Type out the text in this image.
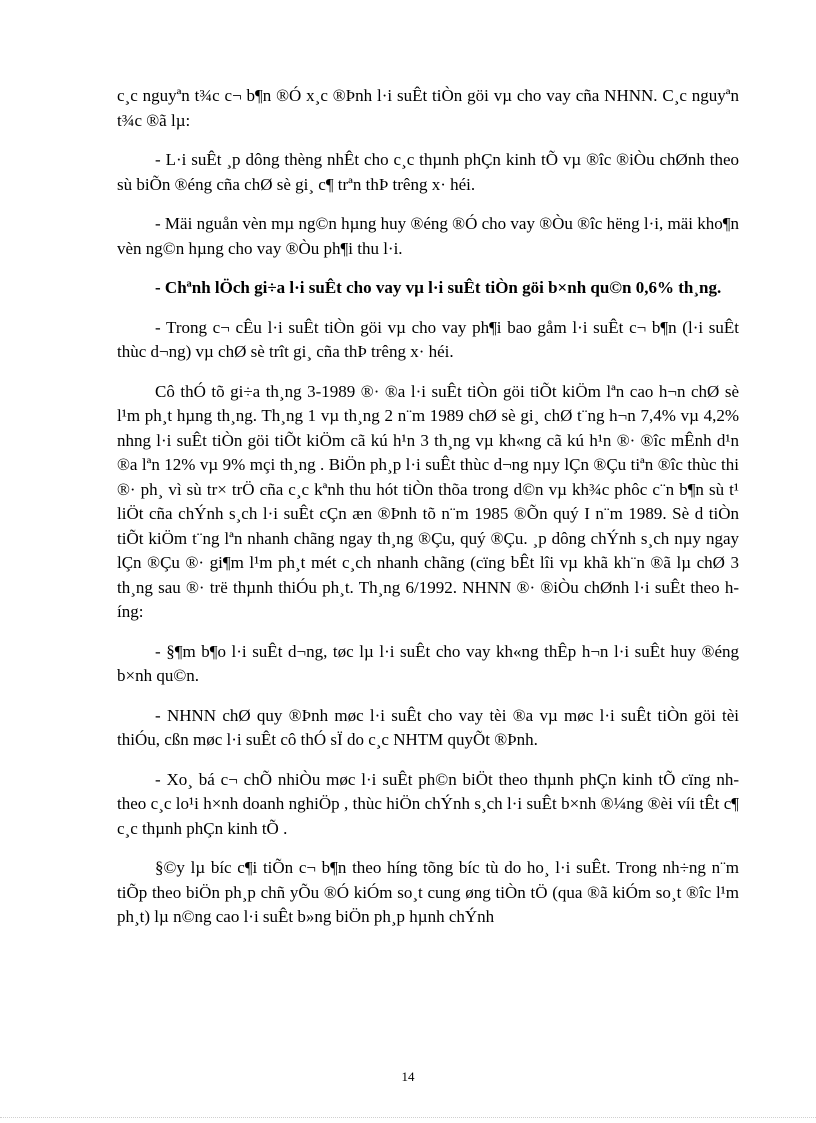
c¸c nguyªn t¾c c¬ b¶n ®Ó x¸c ®Þnh l·i suÊt tiÒn göi vµ cho vay cña NHNN. C¸c nguyªn t¾c ®ã lµ:

- L·i suÊt ¸p dông thèng nhÊt cho c¸c thµnh phÇn kinh tÕ vµ ®îc ®iÒu chØnh theo sù biÕn ®éng cña chØ sè gi¸ c¶ trªn thÞ trêng x· héi.

- Mäi nguån vèn mµ ng©n hµng huy ®éng ®Ó cho vay ®Òu ®îc hëng l·i, mäi kho¶n vèn ng©n hµng cho vay ®Òu ph¶i thu l·i.

- Chªnh lÖch gi÷a l·i suÊt cho vay vµ l·i suÊt tiÒn göi b×nh qu©n 0,6% th¸ng.

- Trong c¬ cÊu l·i suÊt tiÒn göi vµ cho vay ph¶i bao gåm l·i suÊt c¬ b¶n (l·i suÊt thùc d¬ng) vµ chØ sè trît gi¸ cña thÞ trêng x· héi.

Cô thÓ tõ gi÷a th¸ng 3-1989 ®· ®a l·i suÊt tiÒn göi tiÕt kiÖm lªn cao h¬n chØ sè l¹m ph¸t hµng th¸ng. Th¸ng 1 vµ th¸ng 2 n¨m 1989 chØ sè gi¸ chØ t¨ng h¬n 7,4% vµ 4,2% nhng l·i suÊt tiÒn göi tiÕt kiÖm cã kú h¹n 3 th¸ng vµ kh«ng cã kú h¹n ®· ®îc mÊnh d¹n ®a lªn 12% vµ 9% mçi th¸ng . BiÖn ph¸p l·i suÊt thùc d¬ng nµy lÇn ®Çu tiªn ®îc thùc thi ®· ph¸ vì sù tr× trÖ cña c¸c kªnh thu hót tiÒn thõa trong d©n vµ kh¾c phôc c¨n b¶n sù t¹ liÖt cña chÝnh s¸ch l·i suÊt cÇn æn ®Þnh tõ n¨m 1985 ®Õn quý I n¨m 1989. Sè d tiÒn tiÕt kiÖm t¨ng lªn nhanh chãng ngay th¸ng ®Çu, quý ®Çu. ¸p dông chÝnh s¸ch nµy ngay lÇn ®Çu ®· gi¶m l¹m ph¸t mét c¸ch nhanh chãng (cïng bÊt lîi vµ khã kh¨n ®ã lµ chØ 3 th¸ng sau ®· trë thµnh thiÓu ph¸t. Th¸ng 6/1992. NHNN ®· ®iÒu chØnh l·i suÊt theo híng:

- §¶m b¶o l·i suÊt d¬ng, tøc lµ l·i suÊt cho vay kh«ng thÊp h¬n l·i suÊt huy ®éng b×nh qu©n.

- NHNN chØ quy ®Þnh møc l·i suÊt cho vay tèi ®a vµ møc l·i suÊt tiÒn göi tèi thiÓu, cßn møc l·i suÊt cô thÓ sÏ do c¸c NHTM quyÕt ®Þnh.

- Xo¸ bá c¬ chÕ nhiÒu møc l·i suÊt ph©n biÖt theo thµnh phÇn kinh tÕ cïng nh theo c¸c lo¹i h×nh doanh nghiÖp , thùc hiÖn chÝnh s¸ch l·i suÊt b×nh ®¼ng ®èi víi tÊt c¶ c¸c thµnh phÇn kinh tÕ .

§©y lµ bíc c¶i tiÕn c¬ b¶n theo híng tõng bíc tù do ho¸ l·i suÊt. Trong nh÷ng n¨m tiÕp theo biÖn ph¸p chñ yÕu ®Ó kiÓm so¸t cung øng tiÒn tÖ (qua ®ã kiÓm so¸t ®îc l¹m ph¸t) lµ n©ng cao l·i suÊt b»ng biÖn ph¸p hµnh chÝnh

14
